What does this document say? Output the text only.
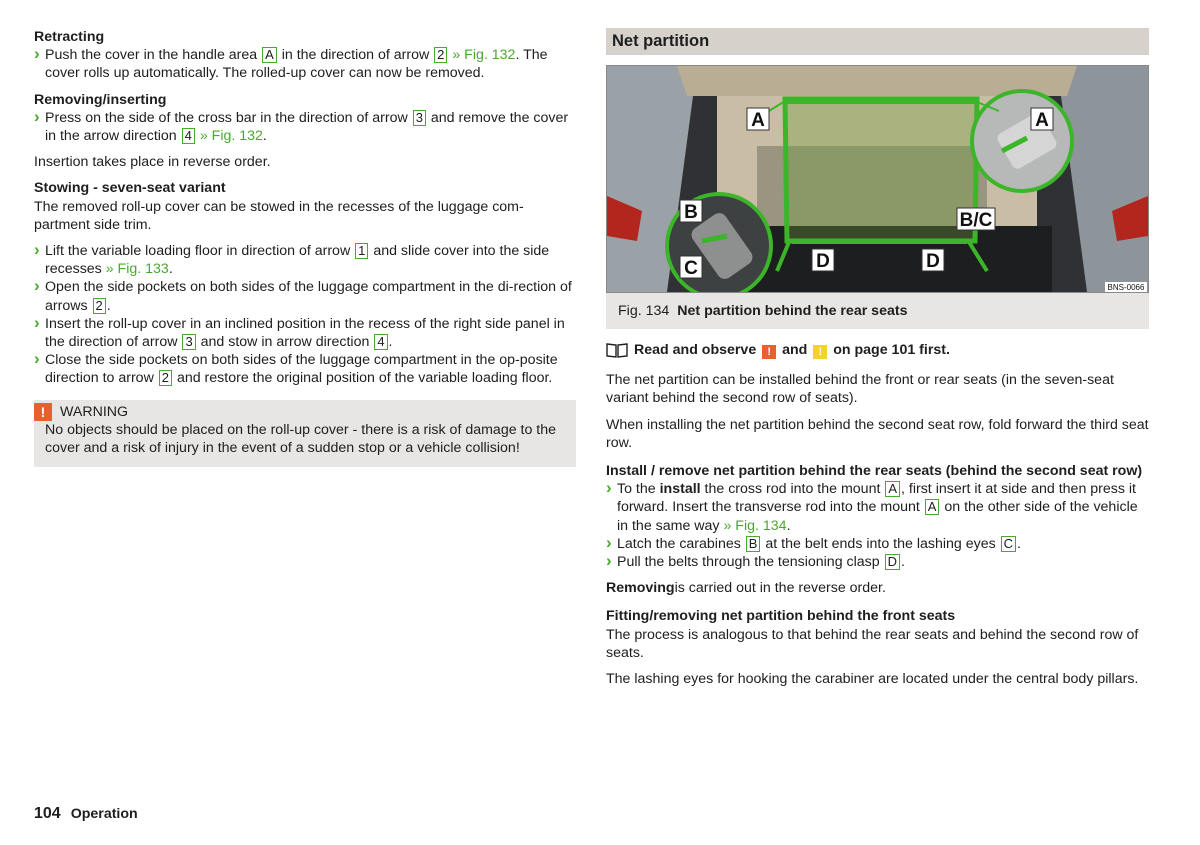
Retracting
› Push the cover in the handle area A in the direction of arrow 2 » Fig. 132. The cover rolls up automatically. The rolled-up cover can now be removed.
Removing/inserting
› Press on the side of the cross bar in the direction of arrow 3 and remove the cover in the arrow direction 4 » Fig. 132.

Insertion takes place in reverse order.

Stowing - seven-seat variant

The removed roll-up cover can be stowed in the recesses of the luggage com-partment side trim.

› Lift the variable loading floor in direction of arrow 1 and slide cover into the side recesses » Fig. 133.
› Open the side pockets on both sides of the luggage compartment in the di-rection of arrows 2 .
› Insert the roll-up cover in an inclined position in the recess of the right side panel in the direction of arrow 3 and stow in arrow direction 4 .
› Close the side pockets on both sides of the luggage compartment in the op-posite direction to arrow 2 and restore the original position of the variable loading floor.
!	WARNING

No objects should be placed on the roll-up cover - there is a risk of damage to the cover and a risk of injury in the event of a sudden stop or a vehicle collision!

Net partition
A	A
B	B/C
C	D	D
BNS-0066
Fig. 134 Net partition behind the rear seats
Read and observe ! and ! on page 101 first.

The net partition can be installed behind the front or rear seats (in the seven-seat variant behind the second row of seats).

When installing the net partition behind the second seat row, fold forward the third seat row.

Install / remove net partition behind the rear seats (behind the second seat row)
› To the install the cross rod into the mount A , first insert it at side and then press it forward. Insert the transverse rod into the mount A on the other side of the vehicle in the same way » Fig. 134.
› Latch the carabines B at the belt ends into the lashing eyes C .
› Pull the belts through the tensioning clasp D .

Removingis carried out in the reverse order.

Fitting/removing net partition behind the front seats

The process is analogous to that behind the rear seats and behind the second row of seats.

The lashing eyes for hooking the carabiner are located under the central body pillars.

104 Operation
